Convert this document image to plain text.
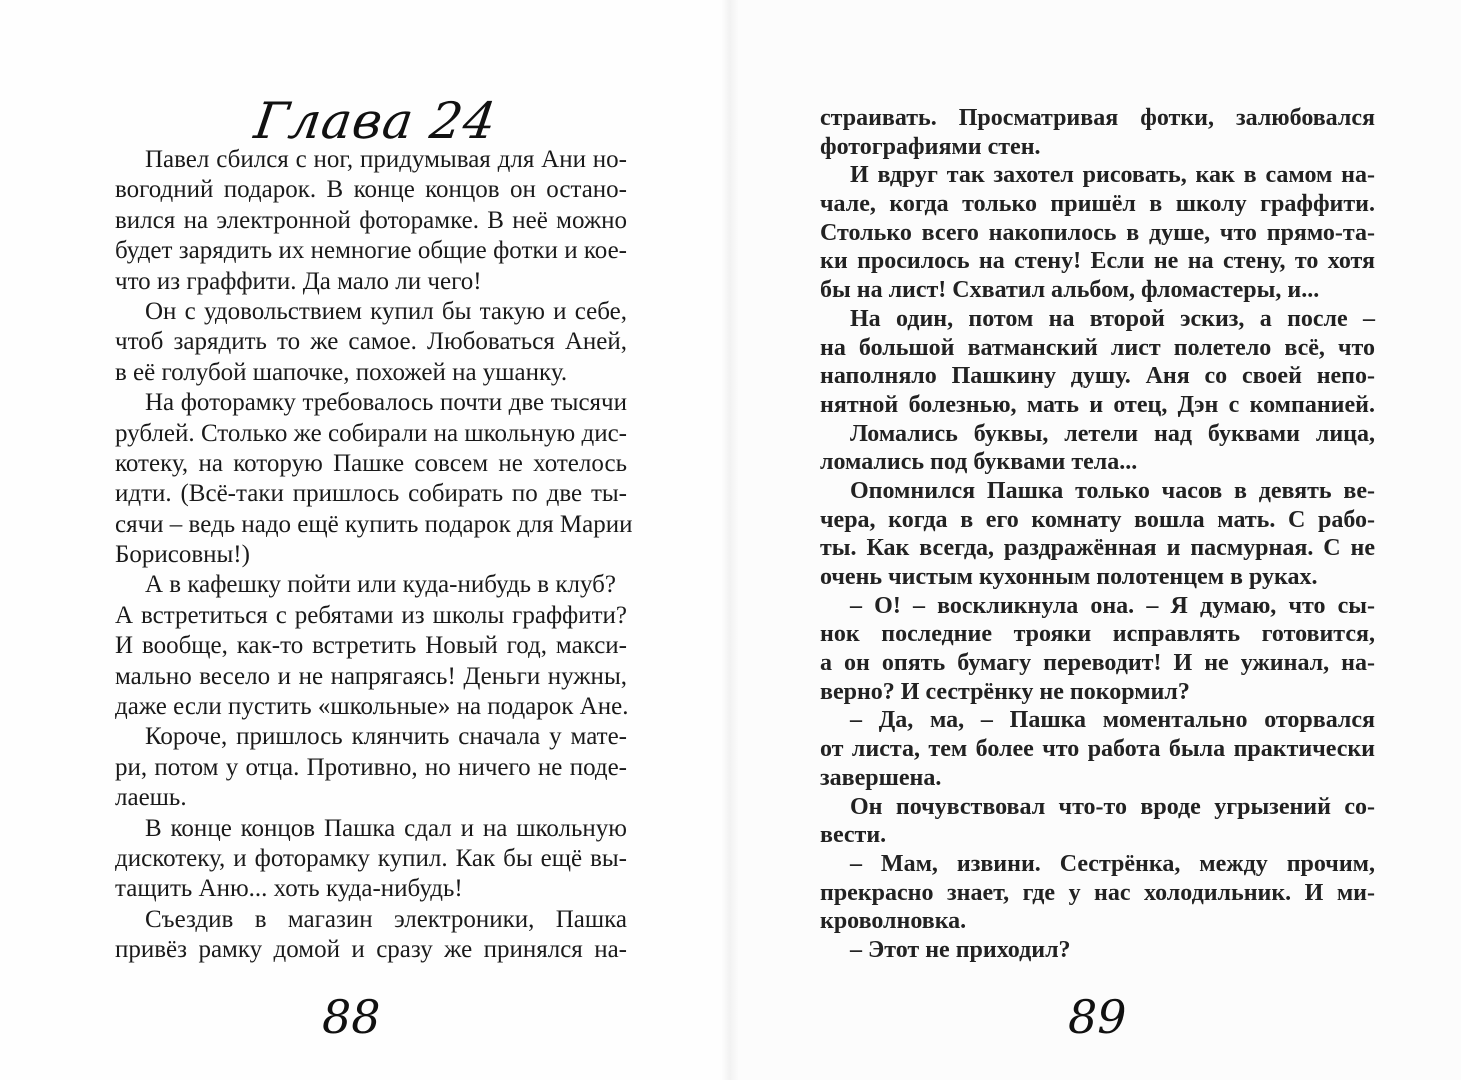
Глава 24
Павел сбился с ног, придумывая для Ани но-
вогодний подарок. В конце концов он остано-
вился на электронной фоторамке. В неё можно
будет зарядить их немногие общие фотки и кое-
что из граффити. Да мало ли чего!
Он с удовольствием купил бы такую и себе,
чтоб зарядить то же самое. Любоваться Аней,
в её голубой шапочке, похожей на ушанку.
На фоторамку требовалось почти две тысячи
рублей. Столько же собирали на школьную дис-
котеку, на которую Пашке совсем не хотелось
идти. (Всё-таки пришлось собирать по две ты-
сячи – ведь надо ещё купить подарок для Марии
Борисовны!)
А в кафешку пойти или куда-нибудь в клуб?
А встретиться с ребятами из школы граффити?
И вообще, как-то встретить Новый год, макси-
мально весело и не напрягаясь! Деньги нужны,
даже если пустить «школьные» на подарок Ане.
Короче, пришлось клянчить сначала у мате-
ри, потом у отца. Противно, но ничего не поде-
лаешь.
В конце концов Пашка сдал и на школьную
дискотеку, и фоторамку купил. Как бы ещё вы-
тащить Аню... хоть куда-нибудь!
Съездив в магазин электроники, Пашка
привёз рамку домой и сразу же принялся на-
88
страивать. Просматривая фотки, залюбовался
фотографиями стен.
И вдруг так захотел рисовать, как в самом на-
чале, когда только пришёл в школу граффити.
Столько всего накопилось в душе, что прямо-та-
ки просилось на стену! Если не на стену, то хотя
бы на лист! Схватил альбом, фломастеры, и...
На один, потом на второй эскиз, а после –
на большой ватманский лист полетело всё, что
наполняло Пашкину душу. Аня со своей непо-
нятной болезнью, мать и отец, Дэн с компанией.
Ломались буквы, летели над буквами лица,
ломались под буквами тела...
Опомнился Пашка только часов в девять ве-
чера, когда в его комнату вошла мать. С рабо-
ты. Как всегда, раздражённая и пасмурная. С не
очень чистым кухонным полотенцем в руках.
– О! – воскликнула она. – Я думаю, что сы-
нок последние трояки исправлять готовится,
а он опять бумагу переводит! И не ужинал, на-
верно? И сестрёнку не покормил?
– Да, ма, – Пашка моментально оторвался
от листа, тем более что работа была практически
завершена.
Он почувствовал что-то вроде угрызений со-
вести.
– Мам, извини. Сестрёнка, между прочим,
прекрасно знает, где у нас холодильник. И ми-
кроволновка.
– Этот не приходил?
89
